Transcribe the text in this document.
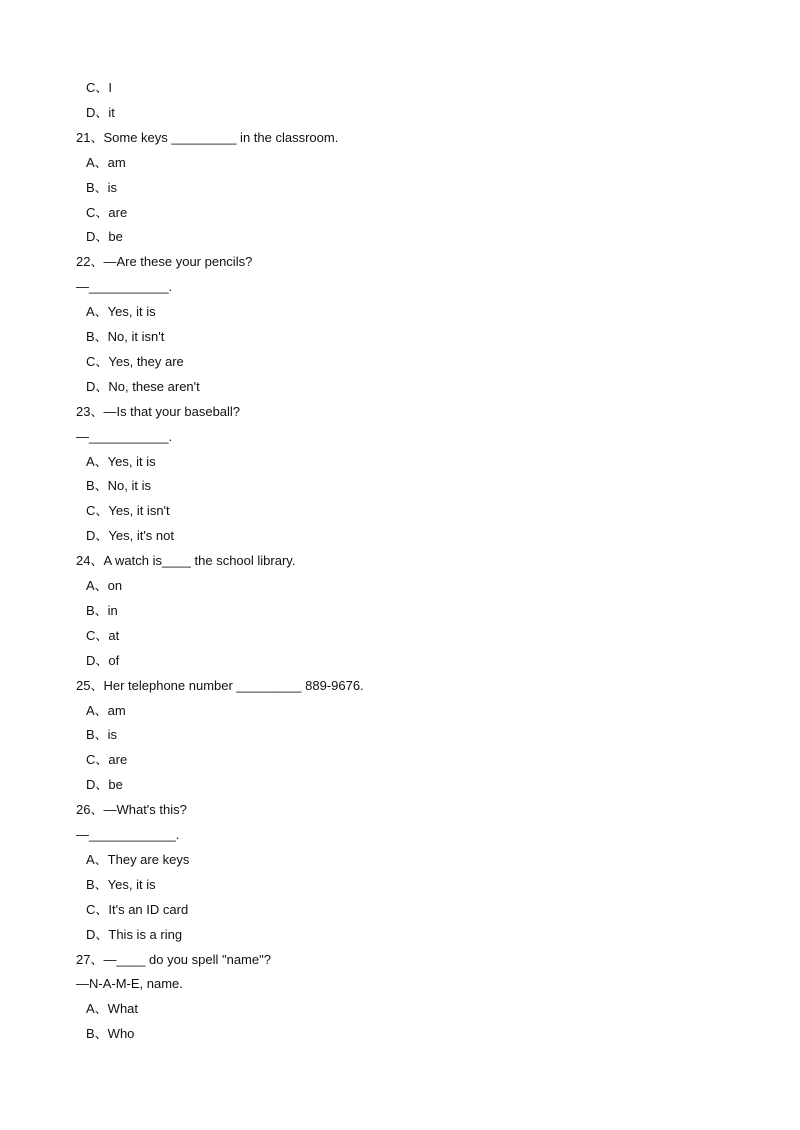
C、I
D、it
21、Some keys _________ in the classroom.
A、am
B、is
C、are
D、be
22、—Are these your pencils?
—___________.
A、Yes, it is
B、No, it isn't
C、Yes, they are
D、No, these aren't
23、—Is that your baseball?
—___________.
A、Yes, it is
B、No, it is
C、Yes, it isn't
D、Yes, it's not
24、A watch is____ the school library.
A、on
B、in
C、at
D、of
25、Her telephone number _________ 889-9676.
A、am
B、is
C、are
D、be
26、—What's this?
—____________.
A、They are keys
B、Yes, it is
C、It's an ID card
D、This is a ring
27、—____ do you spell "name"?
—N-A-M-E, name.
A、What
B、Who
